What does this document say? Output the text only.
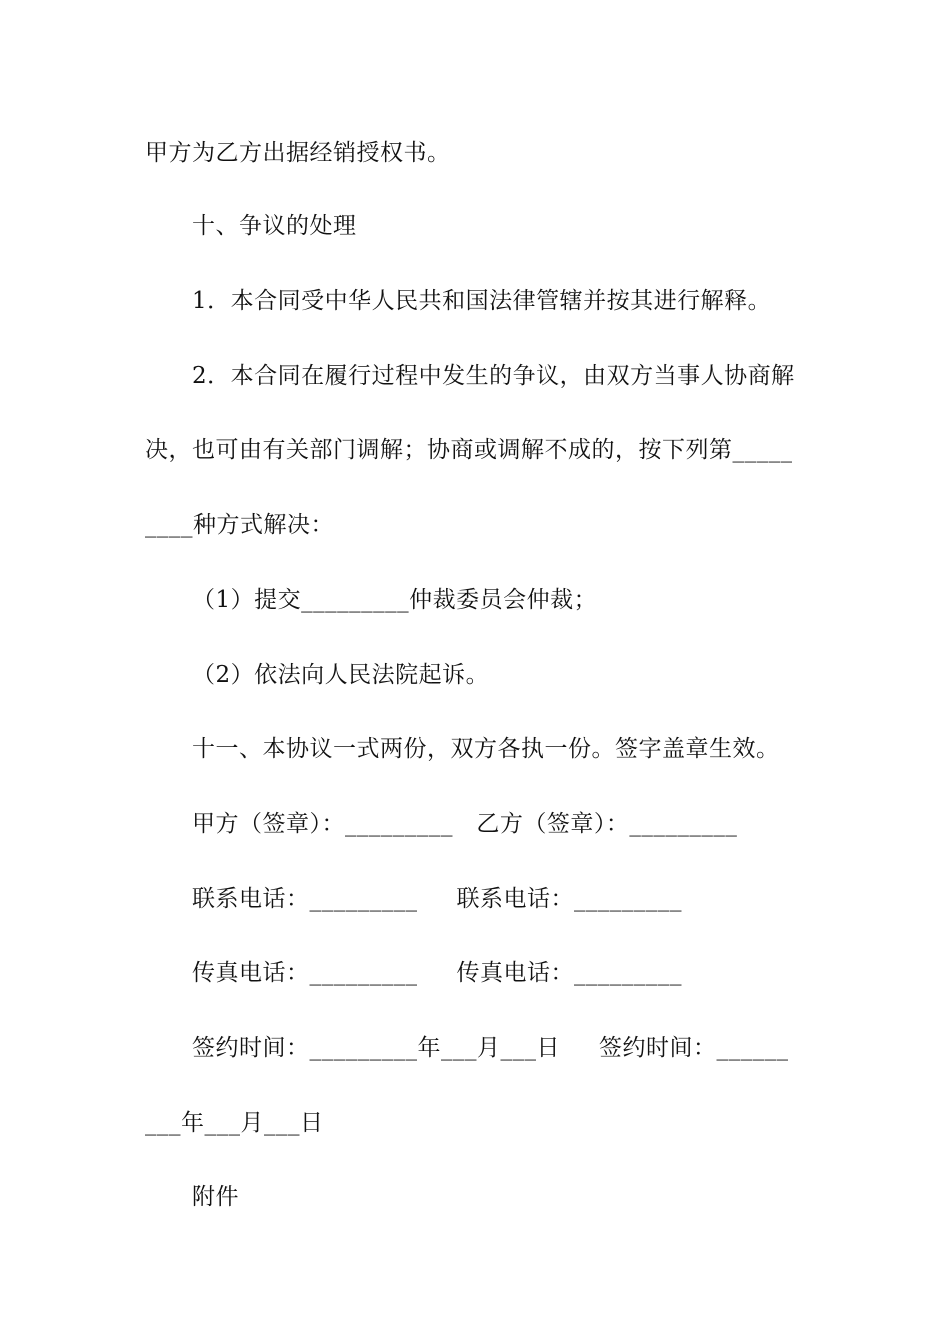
甲方为乙方出据经销授权书。
十、争议的处理
1．本合同受中华人民共和国法律管辖并按其进行解释。
2．本合同在履行过程中发生的争议，由双方当事人协商解
决，也可由有关部门调解；协商或调解不成的，按下列第_____
____种方式解决：
（1）提交_________仲裁委员会仲裁；
（2）依法向人民法院起诉。
十一、本协议一式两份，双方各执一份。签字盖章生效。
甲方（签章）：_________   乙方（签章）：_________
联系电话：_________     联系电话：_________
传真电话：_________     传真电话：_________
签约时间：_________年___月___日     签约时间：______
___年___月___日
附件
